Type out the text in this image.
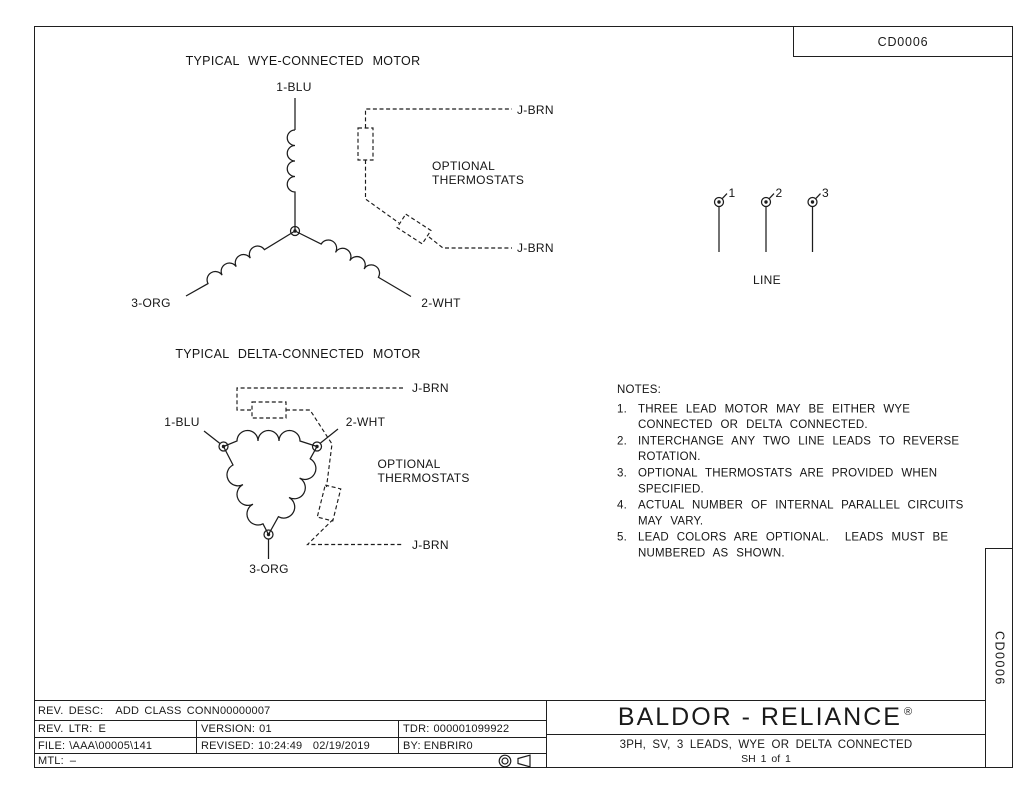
CD0006
CD0006
TYPICAL WYE-CONNECTED MOTOR
1-BLU
3-ORG	2-WHT
J-BRN
J-BRN
OPTIONAL
THERMOSTATS
1	2	3
LINE
TYPICAL DELTA-CONNECTED MOTOR
1-BLU	2-WHT
3-ORG
J-BRN
J-BRN
OPTIONAL
THERMOSTATS
NOTES:
1. THREE LEAD MOTOR MAY BE EITHER WYE
CONNECTED OR DELTA CONNECTED.
2. INTERCHANGE ANY TWO LINE LEADS TO REVERSE
ROTATION.
3. OPTIONAL THERMOSTATS ARE PROVIDED WHEN
SPECIFIED.
4. ACTUAL NUMBER OF INTERNAL PARALLEL CIRCUITS
MAY VARY.
5. LEAD COLORS ARE OPTIONAL.  LEADS MUST BE
NUMBERED AS SHOWN.
REV. DESC: ADD CLASS CONN00000007
REV. LTR: E	VERSION: 01	TDR: 000001099922
FILE: \AAA\00005\141	REVISED: 10:24:49  02/19/2019	BY: ENBRIR0
MTL: –
BALDOR - RELIANCE®
3PH, SV, 3 LEADS, WYE OR DELTA CONNECTED
SH 1 of 1
